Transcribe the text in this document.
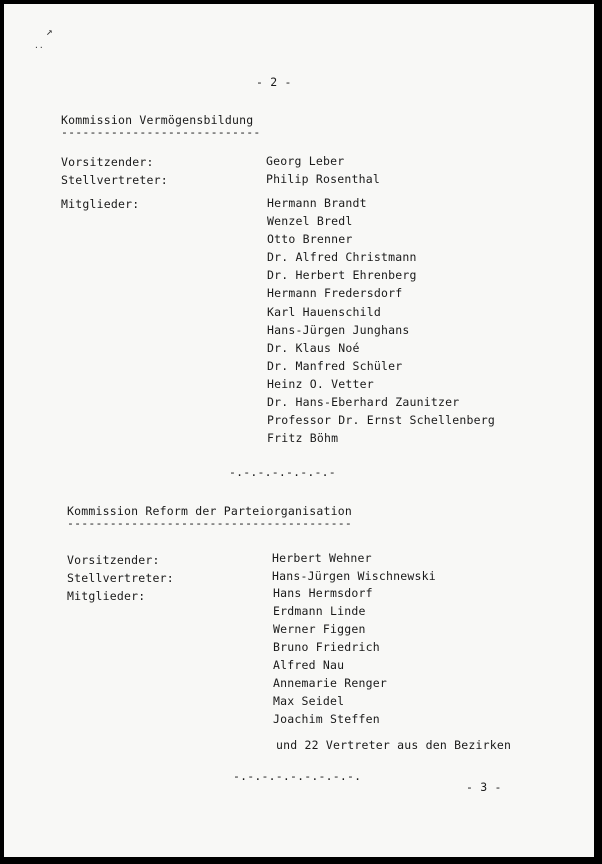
↗
··
- 2 -
Kommission Vermögensbildung
----------------------------
Vorsitzender:	Georg Leber
Stellvertreter:	Philip Rosenthal
Mitglieder:	Hermann Brandt
Wenzel Bredl
Otto Brenner
Dr. Alfred Christmann
Dr. Herbert Ehrenberg
Hermann Fredersdorf
Karl Hauenschild
Hans-Jürgen Junghans
Dr. Klaus Noé
Dr. Manfred Schüler
Heinz O. Vetter
Dr. Hans-Eberhard Zaunitzer
Professor Dr. Ernst Schellenberg
Fritz Böhm
-.-.-.-.-.-.-.-
Kommission Reform der Parteiorganisation
----------------------------------------
Vorsitzender:	Herbert Wehner
Stellvertreter:	Hans-Jürgen Wischnewski
Mitglieder:	Hans Hermsdorf
Erdmann Linde
Werner Figgen
Bruno Friedrich
Alfred Nau
Annemarie Renger
Max Seidel
Joachim Steffen
und 22 Vertreter aus den Bezirken
-.-.-.-.-.-.-.-.-.
- 3 -
